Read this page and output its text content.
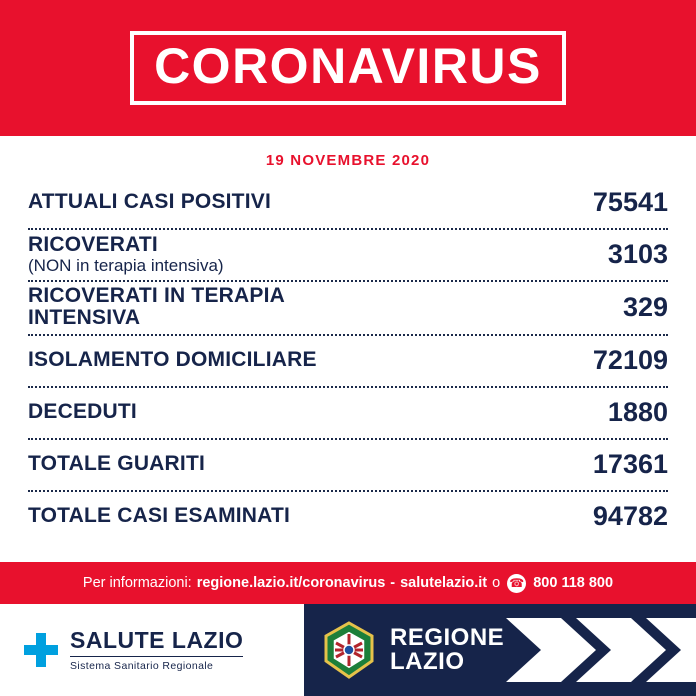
CORONAVIRUS
19 NOVEMBRE 2020
ATTUALI CASI POSITIVI	75541
RICOVERATI
(NON in terapia intensiva)	3103
RICOVERATI IN TERAPIA INTENSIVA	329
ISOLAMENTO DOMICILIARE	72109
DECEDUTI	1880
TOTALE GUARITI	17361
TOTALE CASI ESAMINATI	94782
Per informazioni: regione.lazio.it/coronavirus - salutelazio.it o ☎ 800 118 800
SALUTE LAZIO
Sistema Sanitario Regionale
REGIONE
LAZIO
